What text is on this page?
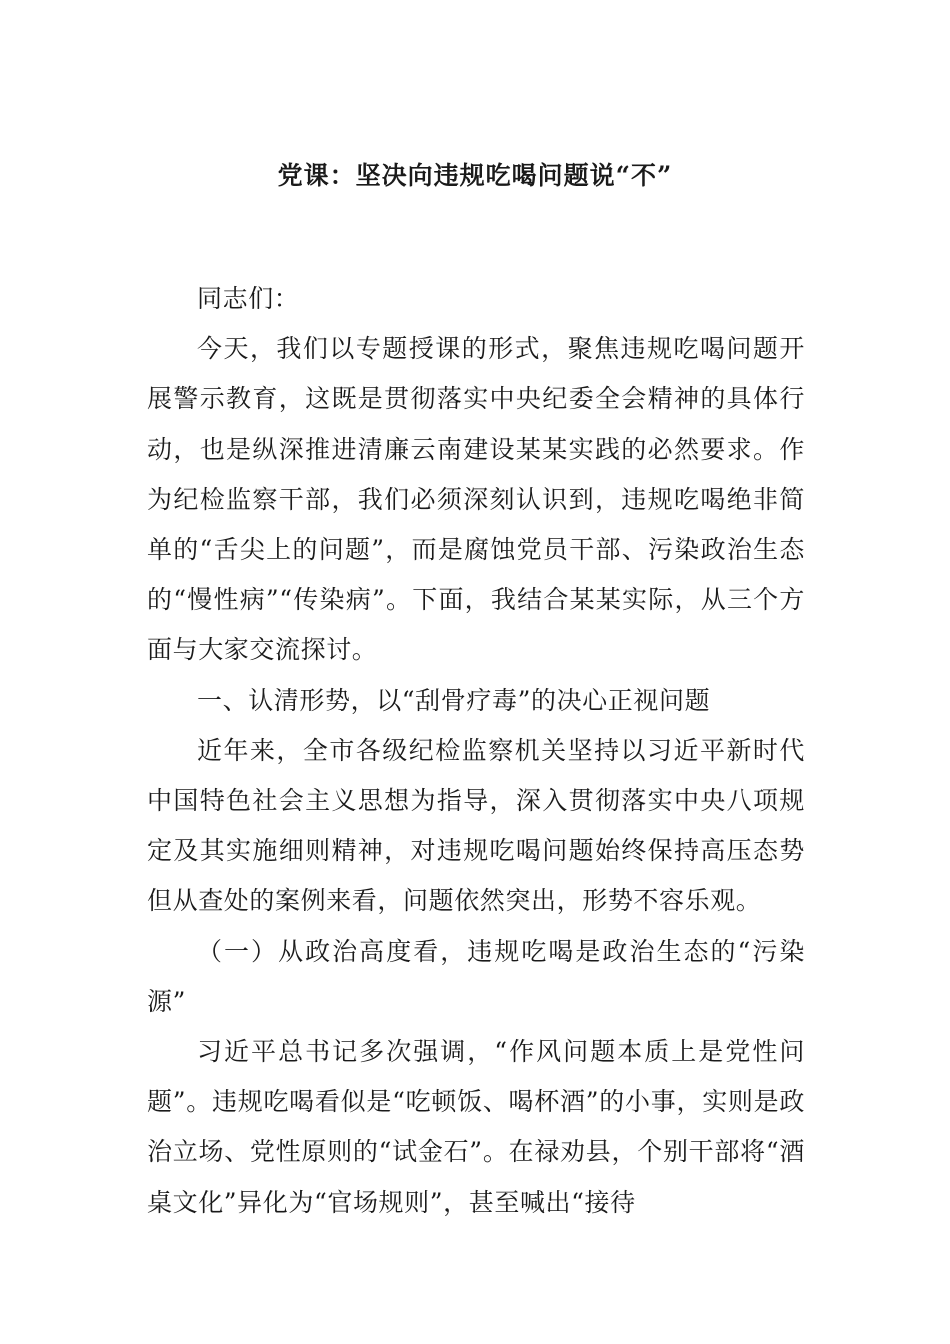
党课：坚决向违规吃喝问题说“不”

同志们：

今天，我们以专题授课的形式，聚焦违规吃喝问题开展警示教育，这既是贯彻落实中央纪委全会精神的具体行动，也是纵深推进清廉云南建设某某实践的必然要求。作为纪检监察干部，我们必须深刻认识到，违规吃喝绝非简单的“舌尖上的问题”，而是腐蚀党员干部、污染政治生态的“慢性病”“传染病”。下面，我结合某某实际，从三个方面与大家交流探讨。

一、认清形势，以“刮骨疗毒”的决心正视问题

近年来，全市各级纪检监察机关坚持以习近平新时代中国特色社会主义思想为指导，深入贯彻落实中央八项规定及其实施细则精神，对违规吃喝问题始终保持高压态势但从查处的案例来看，问题依然突出，形势不容乐观。

（一）从政治高度看，违规吃喝是政治生态的“污染源”

习近平总书记多次强调，“作风问题本质上是党性问题”。违规吃喝看似是“吃顿饭、喝杯酒”的小事，实则是政治立场、党性原则的“试金石”。在禄劝县，个别干部将“酒桌文化”异化为“官场规则”，甚至喊出“接待
